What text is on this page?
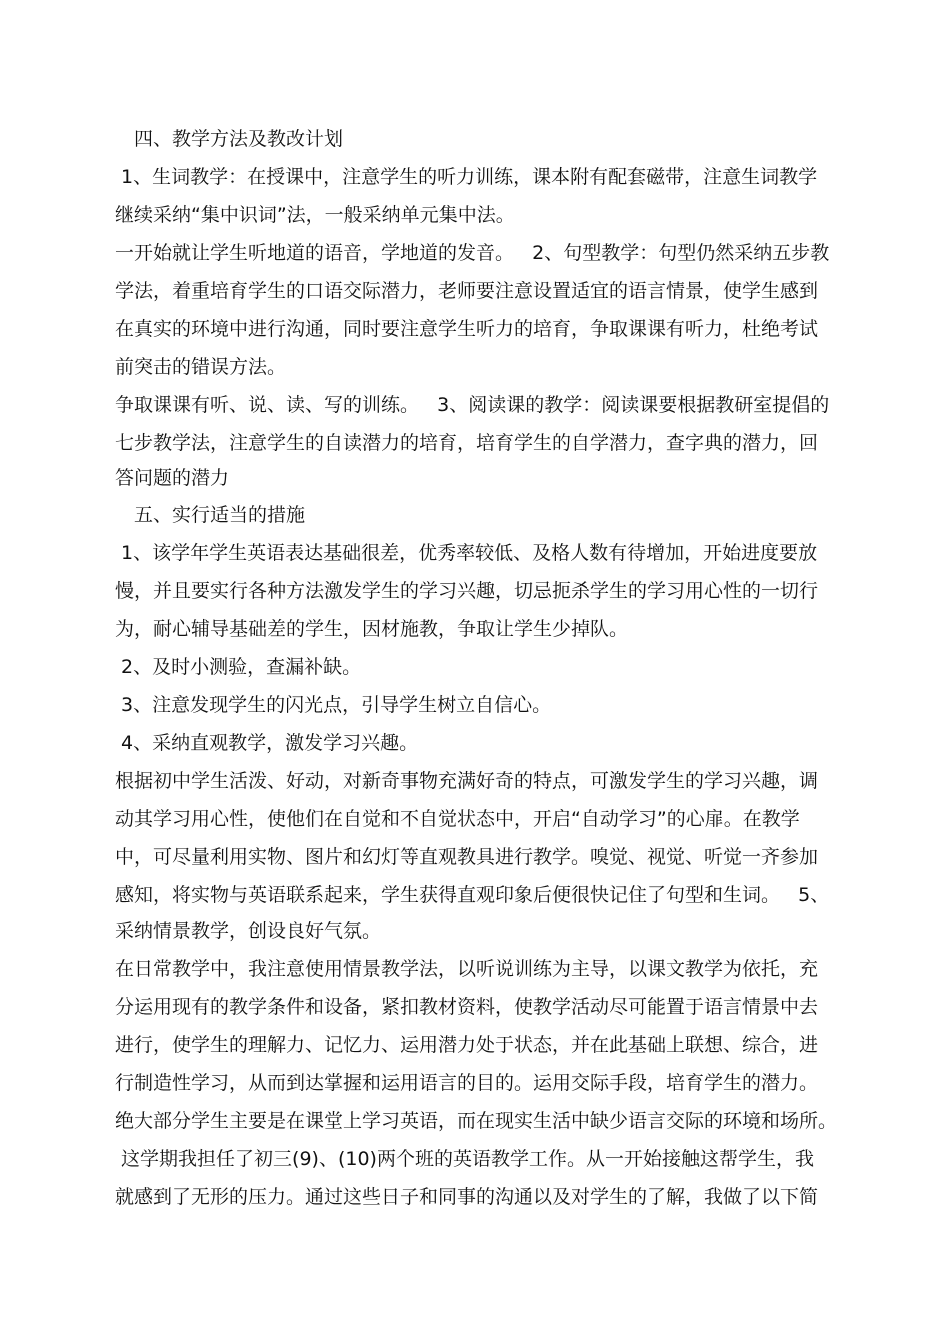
　四、教学方法及教改计划
1、生词教学：在授课中，注意学生的听力训练，课本附有配套磁带，注意生词教学
继续采纳“集中识词”法，一般采纳单元集中法。
一开始就让学生听地道的语音，学地道的发音。   2、句型教学：句型仍然采纳五步教
学法，着重培育学生的口语交际潜力，老师要注意设置适宜的语言情景，使学生感到
在真实的环境中进行沟通，同时要注意学生听力的培育，争取课课有听力，杜绝考试
前突击的错误方法。
争取课课有听、说、读、写的训练。   3、阅读课的教学：阅读课要根据教研室提倡的
七步教学法，注意学生的自读潜力的培育，培育学生的自学潜力，查字典的潜力，回
答问题的潜力
　五、实行适当的措施
1、该学年学生英语表达基础很差，优秀率较低、及格人数有待增加，开始进度要放
慢，并且要实行各种方法激发学生的学习兴趣，切忌扼杀学生的学习用心性的一切行
为，耐心辅导基础差的学生，因材施教，争取让学生少掉队。
2、及时小测验，查漏补缺。
3、注意发现学生的闪光点，引导学生树立自信心。
4、采纳直观教学，激发学习兴趣。
根据初中学生活泼、好动，对新奇事物充满好奇的特点，可激发学生的学习兴趣，调
动其学习用心性，使他们在自觉和不自觉状态中，开启“自动学习”的心扉。在教学
中，可尽量利用实物、图片和幻灯等直观教具进行教学。嗅觉、视觉、听觉一齐参加
感知，将实物与英语联系起来，学生获得直观印象后便很快记住了句型和生词。   5、
采纳情景教学，创设良好气氛。
在日常教学中，我注意使用情景教学法，以听说训练为主导，以课文教学为依托，充
分运用现有的教学条件和设备，紧扣教材资料，使教学活动尽可能置于语言情景中去
进行，使学生的理解力、记忆力、运用潜力处于状态，并在此基础上联想、综合，进
行制造性学习，从而到达掌握和运用语言的目的。运用交际手段，培育学生的潜力。
绝大部分学生主要是在课堂上学习英语，而在现实生活中缺少语言交际的环境和场所。
这学期我担任了初三(9)、(10)两个班的英语教学工作。从一开始接触这帮学生，我
就感到了无形的压力。通过这些日子和同事的沟通以及对学生的了解，我做了以下简
